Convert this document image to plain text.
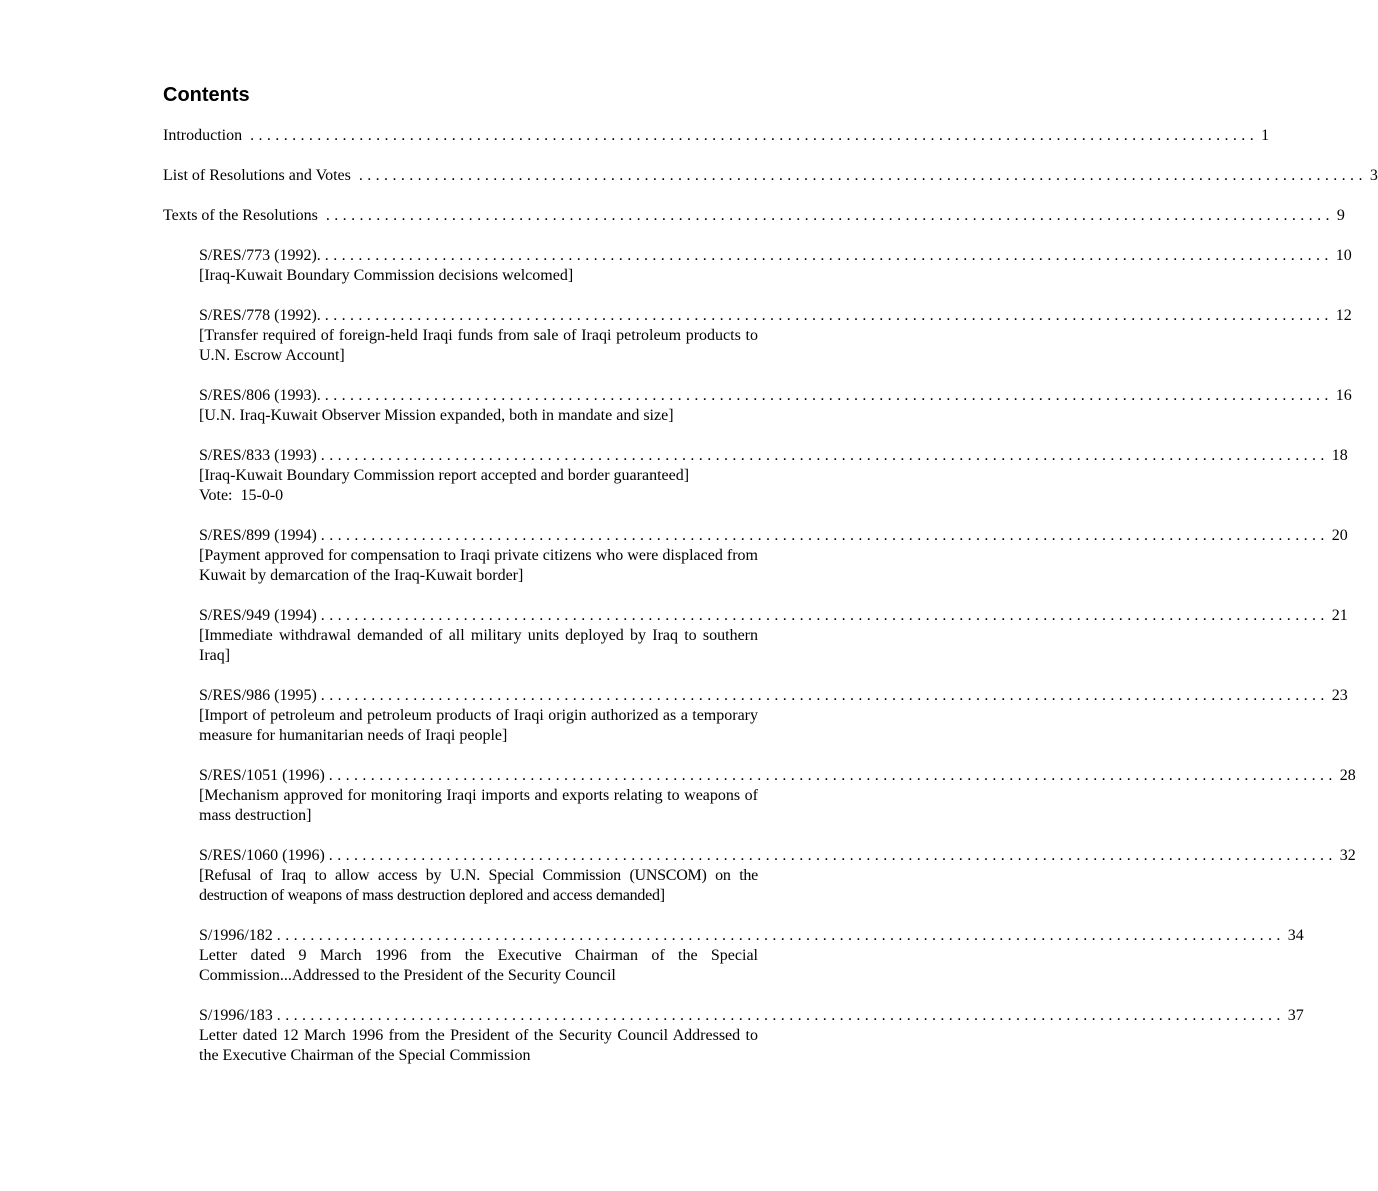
Contents
Introduction ........................................................................................................................ 1
List of Resolutions and Votes ........................................................................................................................ 3
Texts of the Resolutions ........................................................................................................................ 9
S/RES/773 (1992). ........................................................................................................................ 10
[Iraq-Kuwait Boundary Commission decisions welcomed]
S/RES/778 (1992). ........................................................................................................................ 12
[Transfer required of foreign-held Iraqi funds from sale of Iraqi petroleum products to U.N. Escrow Account]
S/RES/806 (1993). ........................................................................................................................ 16
[U.N. Iraq-Kuwait Observer Mission expanded, both in mandate and size]
S/RES/833 (1993) ........................................................................................................................ 18
[Iraq-Kuwait Boundary Commission report accepted and border guaranteed]
Vote:  15-0-0
S/RES/899 (1994) ........................................................................................................................ 20
[Payment approved for compensation to Iraqi private citizens who were displaced from Kuwait by demarcation of the Iraq-Kuwait border]
S/RES/949 (1994) ........................................................................................................................ 21
[Immediate withdrawal demanded of all military units deployed by Iraq to southern Iraq]
S/RES/986 (1995) ........................................................................................................................ 23
[Import of petroleum and petroleum products of Iraqi origin authorized as a temporary measure for humanitarian needs of Iraqi people]
S/RES/1051 (1996) ........................................................................................................................ 28
[Mechanism approved for monitoring Iraqi imports and exports relating to weapons of mass destruction]
S/RES/1060 (1996) ........................................................................................................................ 32
[Refusal of Iraq to allow access by U.N. Special Commission (UNSCOM) on the destruction of weapons of mass destruction deplored and access demanded]
S/1996/182 ........................................................................................................................ 34
Letter dated 9 March 1996 from the Executive Chairman of the Special Commission...Addressed to the President of the Security Council
S/1996/183 ........................................................................................................................ 37
Letter dated 12 March 1996 from the President of the Security Council Addressed to the Executive Chairman of the Special Commission
